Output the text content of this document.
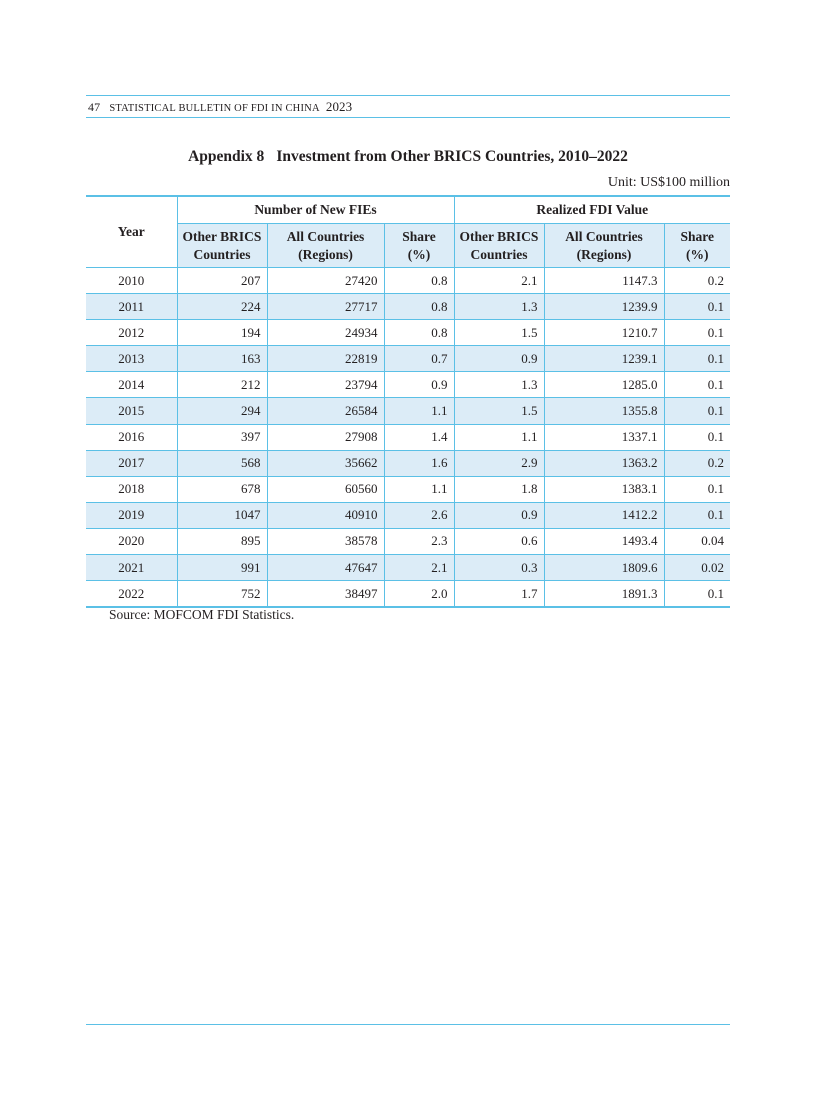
47 STATISTICAL BULLETIN OF FDI IN CHINA 2023
Appendix 8 Investment from Other BRICS Countries, 2010–2022
Unit: US$100 million
Year	Number of New FIEs			Realized FDI Value		
	Other BRICS	All Countries	Share	Other BRICS	All Countries	Share
	Countries	(Regions)	(%)	Countries	(Regions)	(%)
2010	207	27420	0.8	2.1	1147.3	0.2
2011	224	27717	0.8	1.3	1239.9	0.1
2012	194	24934	0.8	1.5	1210.7	0.1
2013	163	22819	0.7	0.9	1239.1	0.1
2014	212	23794	0.9	1.3	1285.0	0.1
2015	294	26584	1.1	1.5	1355.8	0.1
2016	397	27908	1.4	1.1	1337.1	0.1
2017	568	35662	1.6	2.9	1363.2	0.2
2018	678	60560	1.1	1.8	1383.1	0.1
2019	1047	40910	2.6	0.9	1412.2	0.1
2020	895	38578	2.3	0.6	1493.4	0.04
2021	991	47647	2.1	0.3	1809.6	0.02
2022	752	38497	2.0	1.7	1891.3	0.1
Source: MOFCOM FDI Statistics.
